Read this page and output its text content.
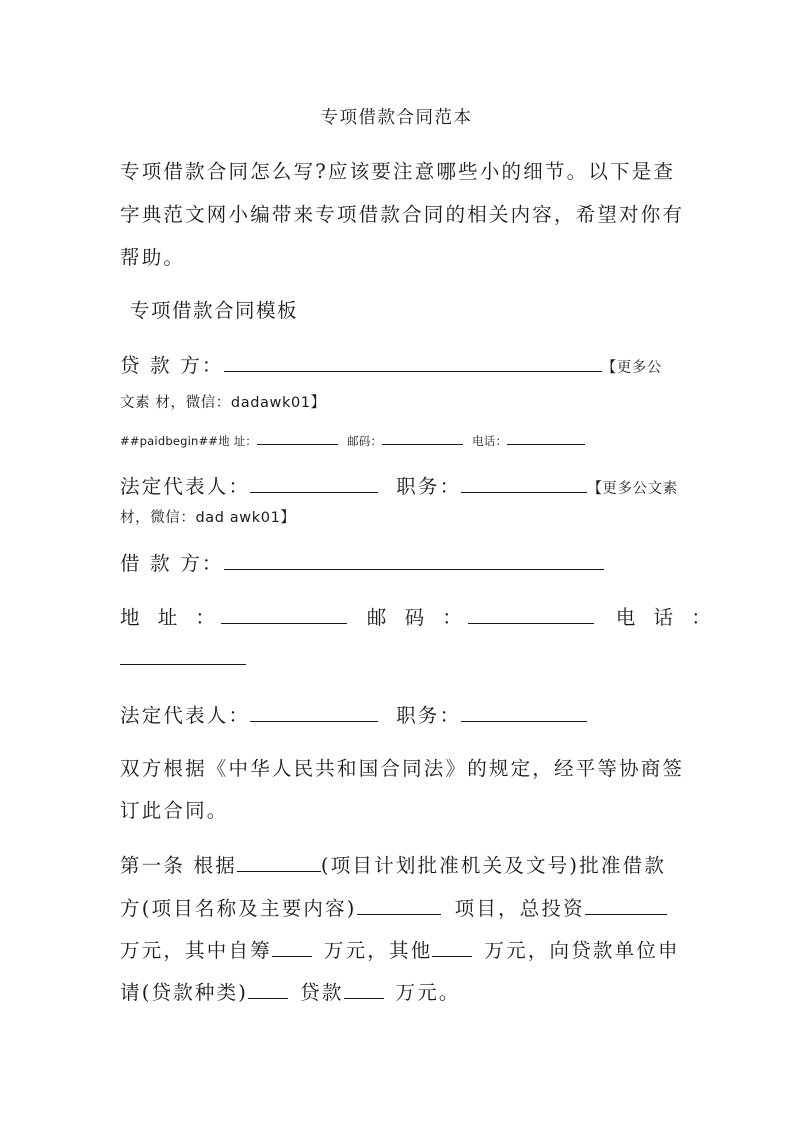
专项借款合同范本
专项借款合同怎么写?应该要注意哪些小的细节。以下是查
字典范文网小编带来专项借款合同的相关内容，希望对你有
帮助。
专项借款合同模板
贷 款 方：	【更多公
文素 材，微信：dadawk01】
##paidbegin##地 址：	邮码：	电话：
法定代表人：	职务：	【更多公文素
材，微信：dad awk01】
借 款 方：
地 址 ：	邮 码 ：	电 话 ：
法定代表人：	职务：
双方根据《中华人民共和国合同法》的规定，经平等协商签
订此合同。
第一条 根据	(项目计划批准机关及文号)批准借款
方(项目名称及主要内容)	项目，总投资
万元，其中自筹	万元，其他	万元，向贷款单位申
请(贷款种类)	贷款	万元。
